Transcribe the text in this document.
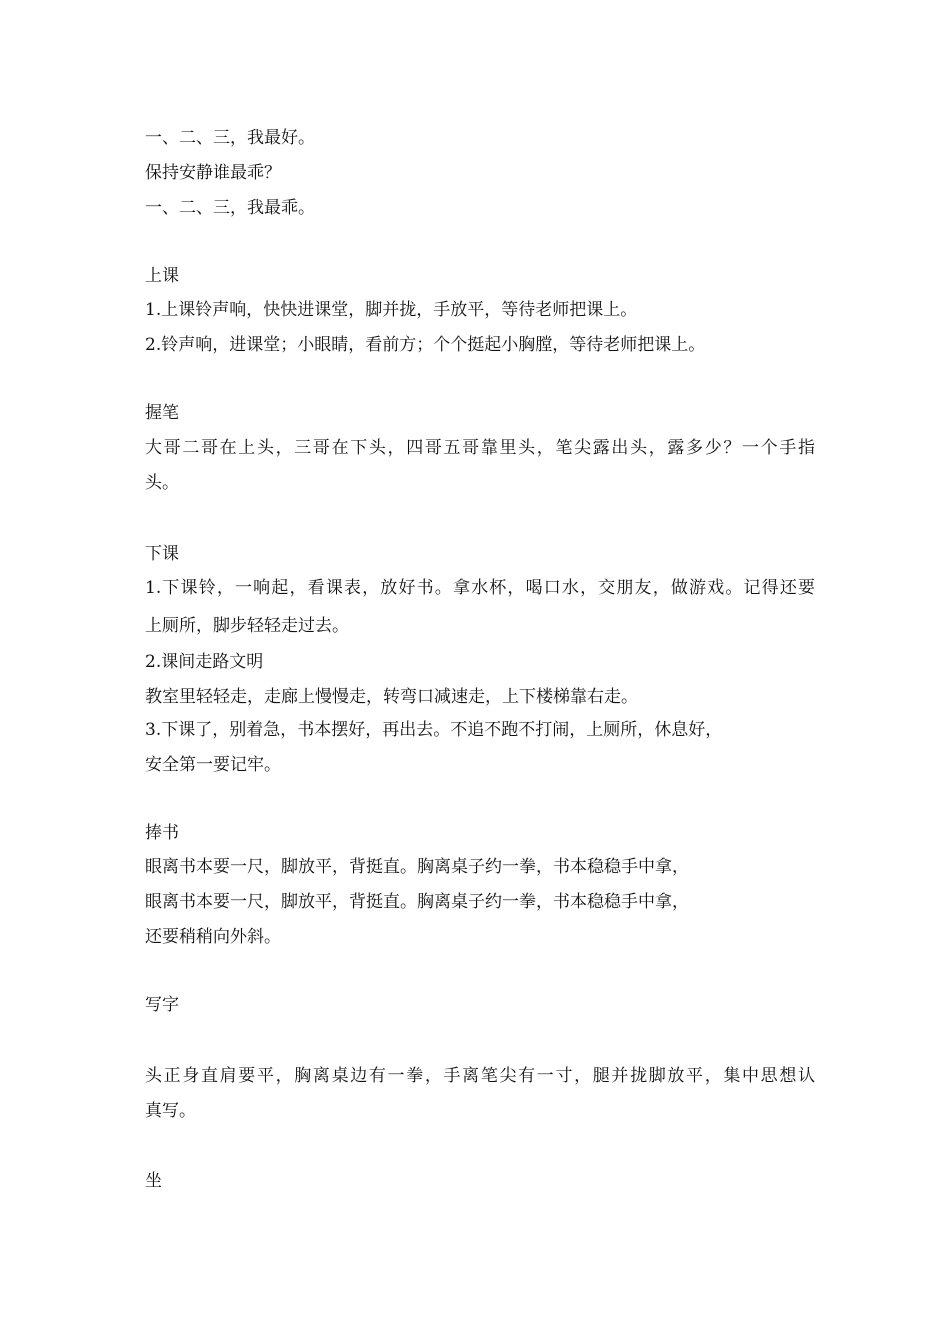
一、二、三，我最好。
保持安静谁最乖？
一、二、三，我最乖。
上课
1.上课铃声响，快快进课堂，脚并拢，手放平，等待老师把课上。
2.铃声响，进课堂；小眼睛，看前方；个个挺起小胸膛，等待老师把课上。
握笔
大哥二哥在上头，三哥在下头，四哥五哥靠里头，笔尖露出头，露多少？一个手指
头。
下课
1.下课铃，一响起，看课表，放好书。拿水杯，喝口水，交朋友，做游戏。记得还要
上厕所，脚步轻轻走过去。
2.课间走路文明
教室里轻轻走，走廊上慢慢走，转弯口减速走，上下楼梯靠右走。
3.下课了，别着急，书本摆好，再出去。不追不跑不打闹，上厕所，休息好，
安全第一要记牢。
捧书
眼离书本要一尺，脚放平，背挺直。胸离桌子约一拳，书本稳稳手中拿，
眼离书本要一尺，脚放平，背挺直。胸离桌子约一拳，书本稳稳手中拿，
还要稍稍向外斜。
写字
头正身直肩要平，胸离桌边有一拳，手离笔尖有一寸，腿并拢脚放平，集中思想认
真写。
坐
